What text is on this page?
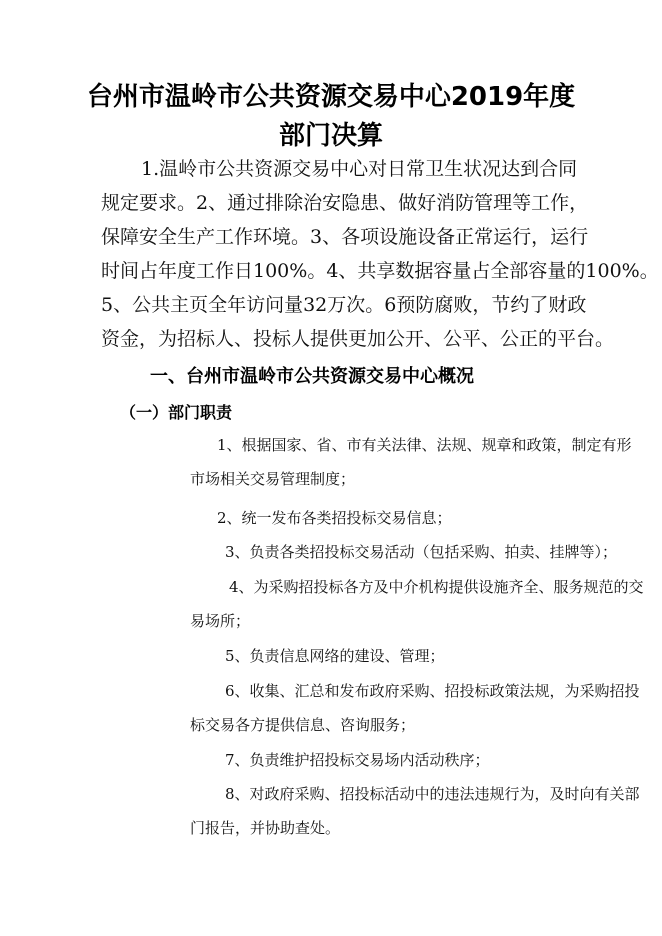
台州市温岭市公共资源交易中心2019年度
部门决算
1.温岭市公共资源交易中心对日常卫生状况达到合同
规定要求。2、通过排除治安隐患、做好消防管理等工作，
保障安全生产工作环境。3、各项设施设备正常运行，运行
时间占年度工作日100%。4、共享数据容量占全部容量的100%。
5、公共主页全年访问量32万次。6预防腐败，节约了财政
资金，为招标人、投标人提供更加公开、公平、公正的平台。
一、台州市温岭市公共资源交易中心概况
（一）部门职责
1、根据国家、省、市有关法律、法规、规章和政策，制定有形
市场相关交易管理制度；
2、统一发布各类招投标交易信息；
3、负责各类招投标交易活动（包括采购、拍卖、挂牌等）；
4、为采购招投标各方及中介机构提供设施齐全、服务规范的交
易场所；
5、负责信息网络的建设、管理；
6、收集、汇总和发布政府采购、招投标政策法规，为采购招投
标交易各方提供信息、咨询服务；
7、负责维护招投标交易场内活动秩序；
8、对政府采购、招投标活动中的违法违规行为，及时向有关部
门报告，并协助查处。
